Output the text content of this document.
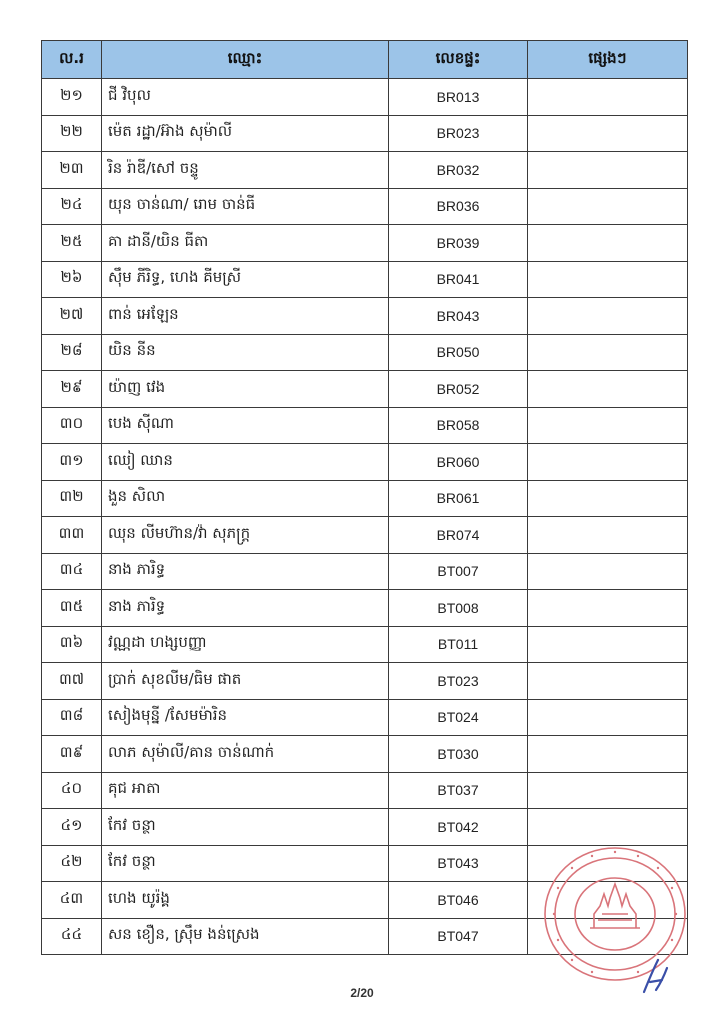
ល.រ	ឈ្មោះ	លេខផ្ទះ	ផ្សេងៗ
២១	ជី វិបុល	BR013	
២២	ម៉េត រដ្ឋា/អ៊ាង សុម៉ាលី	BR023	
២៣	រិន រ៉ាឌី/សៅ ចន្ទូ	BR032	
២៤	យុន ចាន់ណា/ រោម ចាន់ធី	BR036	
២៥	គា ដានី/យិន ធីតា	BR039	
២៦	ស៊ឹម ភីរិទ្ធ, ហេង គីមស្រី	BR041	
២៧	ពាន់ អេឡែន	BR043	
២៨	យិន នីន	BR050	
២៩	យ៉ាញ វេង	BR052	
៣០	បេង ស៊ីណា	BR058	
៣១	ឈៀ ឈាន	BR060	
៣២	ងួន សិលា	BR061	
៣៣	ឈុន លីមហ៊ាន/វ៉ា សុភក្រ្ត	BR074	
៣៤	នាង ភារិទ្ធ	BT007	
៣៥	នាង ភារិទ្ធ	BT008	
៣៦	វណ្ណដា ហង្សបញ្ញា	BT011	
៣៧	ប្រាក់ សុខលីម/ធិម ផាត	BT023	
៣៨	សៀងមុន្នី /សែមម៉ារិន	BT024	
៣៩	លាភ សុម៉ាលី/គាន ចាន់ណាក់	BT030	
៤០	គុជ អាតា	BT037	
៤១	កែវ ចន្ថា	BT042	
៤២	កែវ ចន្ថា	BT043	
៤៣	ហេង យូរ៉ង្គ	BT046	
៤៤	សន ខឿន, ស្រ៊ឹម ងន់ស្រេង	BT047	
2/20
